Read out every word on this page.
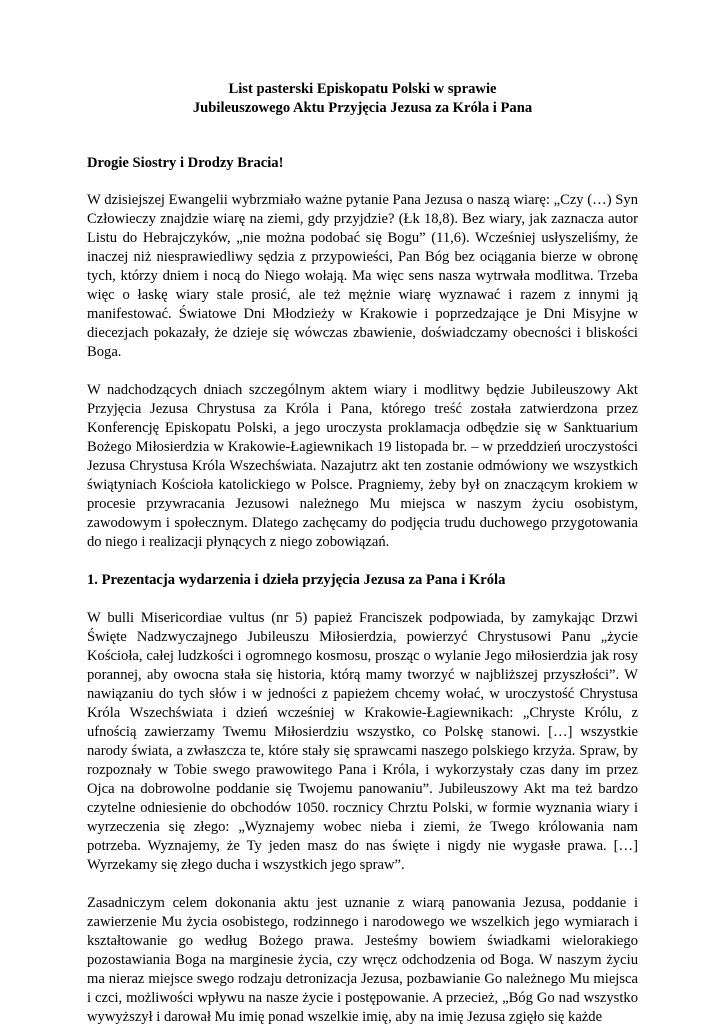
List pasterski Episkopatu Polski w sprawie

Jubileuszowego Aktu Przyjęcia Jezusa za Króla i Pana

Drogie Siostry i Drodzy Bracia!

W dzisiejszej Ewangelii wybrzmiało ważne pytanie Pana Jezusa o naszą wiarę: „Czy (…) Syn Człowieczy znajdzie wiarę na ziemi, gdy przyjdzie? (Łk 18,8). Bez wiary, jak zaznacza autor Listu do Hebrajczyków, „nie można podobać się Bogu” (11,6). Wcześniej usłyszeliśmy, że inaczej niż niesprawiedliwy sędzia z przypowieści, Pan Bóg bez ociągania bierze w obronę tych, którzy dniem i nocą do Niego wołają. Ma więc sens nasza wytrwała modlitwa. Trzeba więc o łaskę wiary stale prosić, ale też mężnie wiarę wyznawać i razem z innymi ją manifestować. Światowe Dni Młodzieży w Krakowie i poprzedzające je Dni Misyjne w diecezjach pokazały, że dzieje się wówczas zbawienie, doświadczamy obecności i bliskości Boga.

W nadchodzących dniach szczególnym aktem wiary i modlitwy będzie Jubileuszowy Akt Przyjęcia Jezusa Chrystusa za Króla i Pana, którego treść została zatwierdzona przez Konferencję Episkopatu Polski, a jego uroczysta proklamacja odbędzie się w Sanktuarium Bożego Miłosierdzia w Krakowie-Łagiewnikach 19 listopada br. – w przeddzień uroczystości Jezusa Chrystusa Króla Wszechświata. Nazajutrz akt ten zostanie odmówiony we wszystkich świątyniach Kościoła katolickiego w Polsce. Pragniemy, żeby był on znaczącym krokiem w procesie przywracania Jezusowi należnego Mu miejsca w naszym życiu osobistym, zawodowym i społecznym. Dlatego zachęcamy do podjęcia trudu duchowego przygotowania do niego i realizacji płynących z niego zobowiązań.

1. Prezentacja wydarzenia i dzieła przyjęcia Jezusa za Pana i Króla

W bulli Misericordiae vultus (nr 5) papież Franciszek podpowiada, by zamykając Drzwi Święte Nadzwyczajnego Jubileuszu Miłosierdzia, powierzyć Chrystusowi Panu „życie Kościoła, całej ludzkości i ogromnego kosmosu, prosząc o wylanie Jego miłosierdzia jak rosy porannej, aby owocna stała się historia, którą mamy tworzyć w najbliższej przyszłości”. W nawiązaniu do tych słów i w jedności z papieżem chcemy wołać, w uroczystość Chrystusa Króla Wszechświata i dzień wcześniej w Krakowie-Łagiewnikach: „Chryste Królu, z ufnością zawierzamy Twemu Miłosierdziu wszystko, co Polskę stanowi. […] wszystkie narody świata, a zwłaszcza te, które stały się sprawcami naszego polskiego krzyża. Spraw, by rozpoznały w Tobie swego prawowitego Pana i Króla, i wykorzystały czas dany im przez Ojca na dobrowolne poddanie się Twojemu panowaniu”. Jubileuszowy Akt ma też bardzo czytelne odniesienie do obchodów 1050. rocznicy Chrztu Polski, w formie wyznania wiary i wyrzeczenia się złego: „Wyznajemy wobec nieba i ziemi, że Twego królowania nam potrzeba. Wyznajemy, że Ty jeden masz do nas święte i nigdy nie wygasłe prawa. […] Wyrzekamy się złego ducha i wszystkich jego spraw”.

Zasadniczym celem dokonania aktu jest uznanie z wiarą panowania Jezusa, poddanie i zawierzenie Mu życia osobistego, rodzinnego i narodowego we wszelkich jego wymiarach i kształtowanie go według Bożego prawa. Jesteśmy bowiem świadkami wielorakiego pozostawiania Boga na marginesie życia, czy wręcz odchodzenia od Boga. W naszym życiu ma nieraz miejsce swego rodzaju detronizacja Jezusa, pozbawianie Go należnego Mu miejsca i czci, możliwości wpływu na nasze życie i postępowanie. A przecież, „Bóg Go nad wszystko wywyższył i darował Mu imię ponad wszelkie imię, aby na imię Jezusa zgięło się każde
